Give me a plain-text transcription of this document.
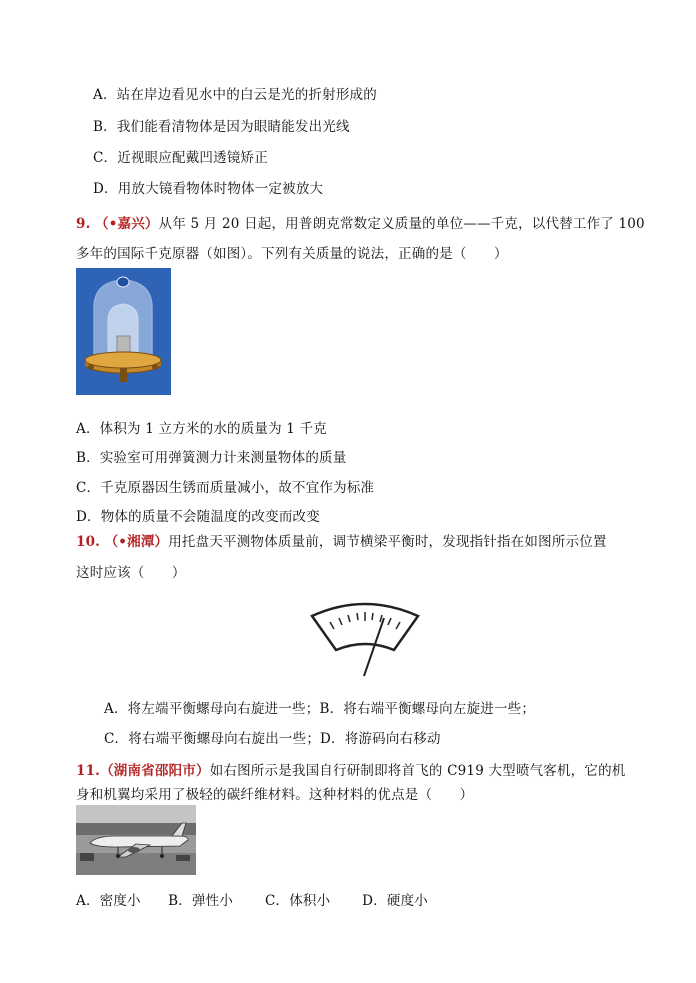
A．站在岸边看见水中的白云是光的折射形成的
B．我们能看清物体是因为眼睛能发出光线
C．近视眼应配戴凹透镜矫正
D．用放大镜看物体时物体一定被放大
9. （•嘉兴）从年 5 月 20 日起，用普朗克常数定义质量的单位——千克，以代替工作了 100
多年的国际千克原器（如图）。下列有关质量的说法，正确的是（　　）
A．体积为 1 立方米的水的质量为 1 千克
B．实验室可用弹簧测力计来测量物体的质量
C．千克原器因生锈而质量减小，故不宜作为标准
D．物体的质量不会随温度的改变而改变
10. （•湘潭）用托盘天平测物体质量前，调节横梁平衡时，发现指针指在如图所示位置
这时应该（　　）
A．将左端平衡螺母向右旋进一些；B．将右端平衡螺母向左旋进一些；
C．将右端平衡螺母向右旋出一些；D．将游码向右移动
11.（湖南省邵阳市）如右图所示是我国自行研制即将首飞的 C919 大型喷气客机，它的机
身和机翼均采用了极轻的碳纤维材料。这种材料的优点是（　　）
A．密度小　　B．弹性小　　 C．体积小　　 D．硬度小
